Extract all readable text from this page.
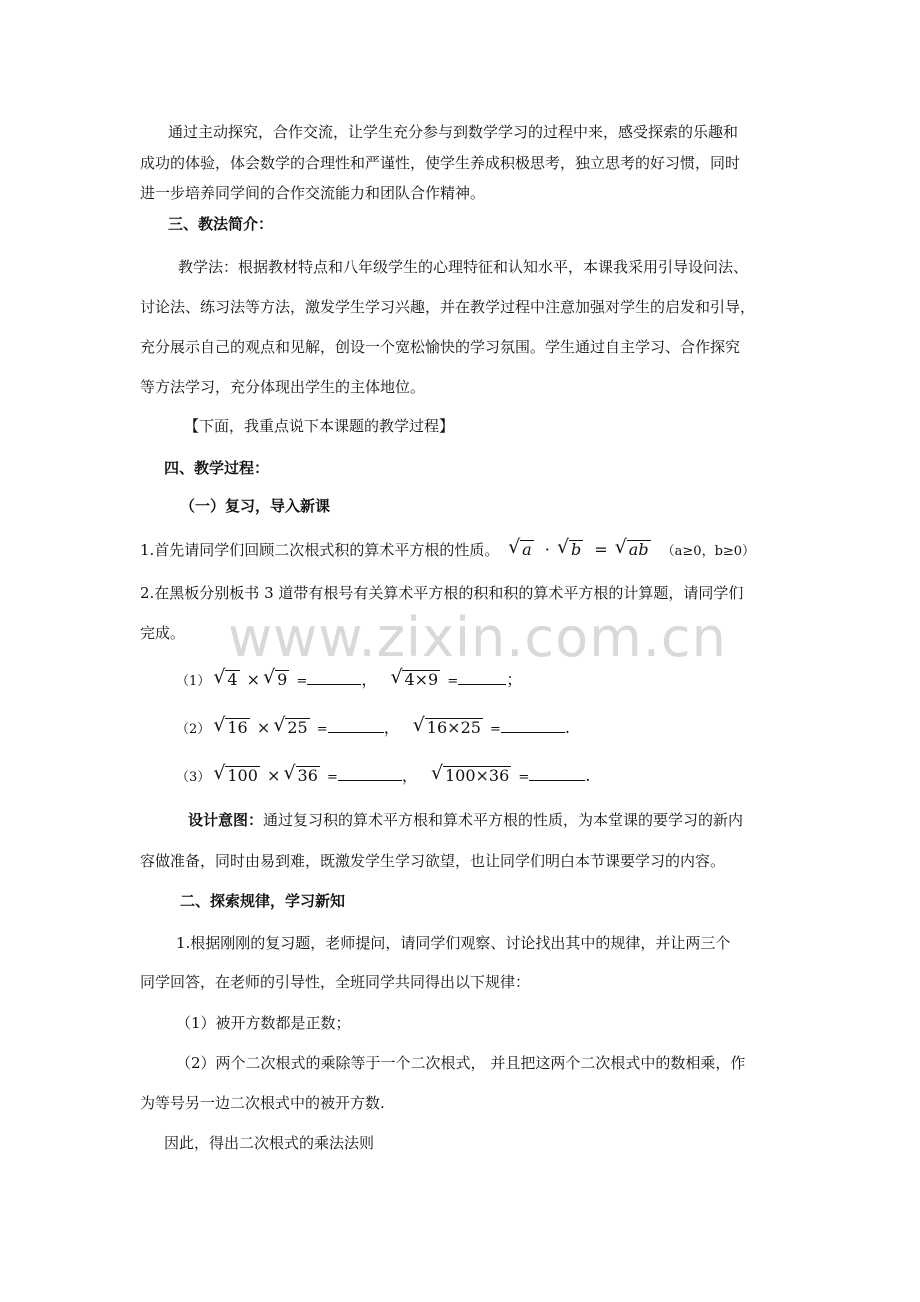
www.zixin.com.cn
通过主动探究，合作交流，让学生充分参与到数学学习的过程中来，感受探索的乐趣和
成功的体验，体会数学的合理性和严谨性，使学生养成积极思考，独立思考的好习惯，同时
进一步培养同学间的合作交流能力和团队合作精神。
三、教法简介：
教学法：根据教材特点和八年级学生的心理特征和认知水平，本课我采用引导设问法、
讨论法、练习法等方法，激发学生学习兴趣，并在教学过程中注意加强对学生的启发和引导，
充分展示自己的观点和见解，创设一个宽松愉快的学习氛围。学生通过自主学习、合作探究
等方法学习，充分体现出学生的主体地位。
【下面，我重点说下本课题的教学过程】
四、教学过程：
（一）复习，导入新课
1.首先请同学们回顾二次根式积的算术平方根的性质。 √ a · √ b = √ ab （a≥0，b≥0）
2.在黑板分别板书 3 道带有根号有关算术平方根的积和积的算术平方根的计算题，请同学们
完成。
（1） √ 4 × √ 9 =	， √ 4×9 =	；
（2） √ 16 × √ 25 =	， √ 16×25 =	.
（3） √ 100 × √ 36 =	， √ 100×36 =	.
设计意图：通过复习积的算术平方根和算术平方根的性质，为本堂课的要学习的新内
容做准备，同时由易到难，既激发学生学习欲望，也让同学们明白本节课要学习的内容。
二、探索规律，学习新知
1.根据刚刚的复习题，老师提问，请同学们观察、讨论找出其中的规律，并让两三个
同学回答，在老师的引导性，全班同学共同得出以下规律：
（1）被开方数都是正数；
（2）两个二次根式的乘除等于一个二次根式， 并且把这两个二次根式中的数相乘，作
为等号另一边二次根式中的被开方数.
因此，得出二次根式的乘法法则
